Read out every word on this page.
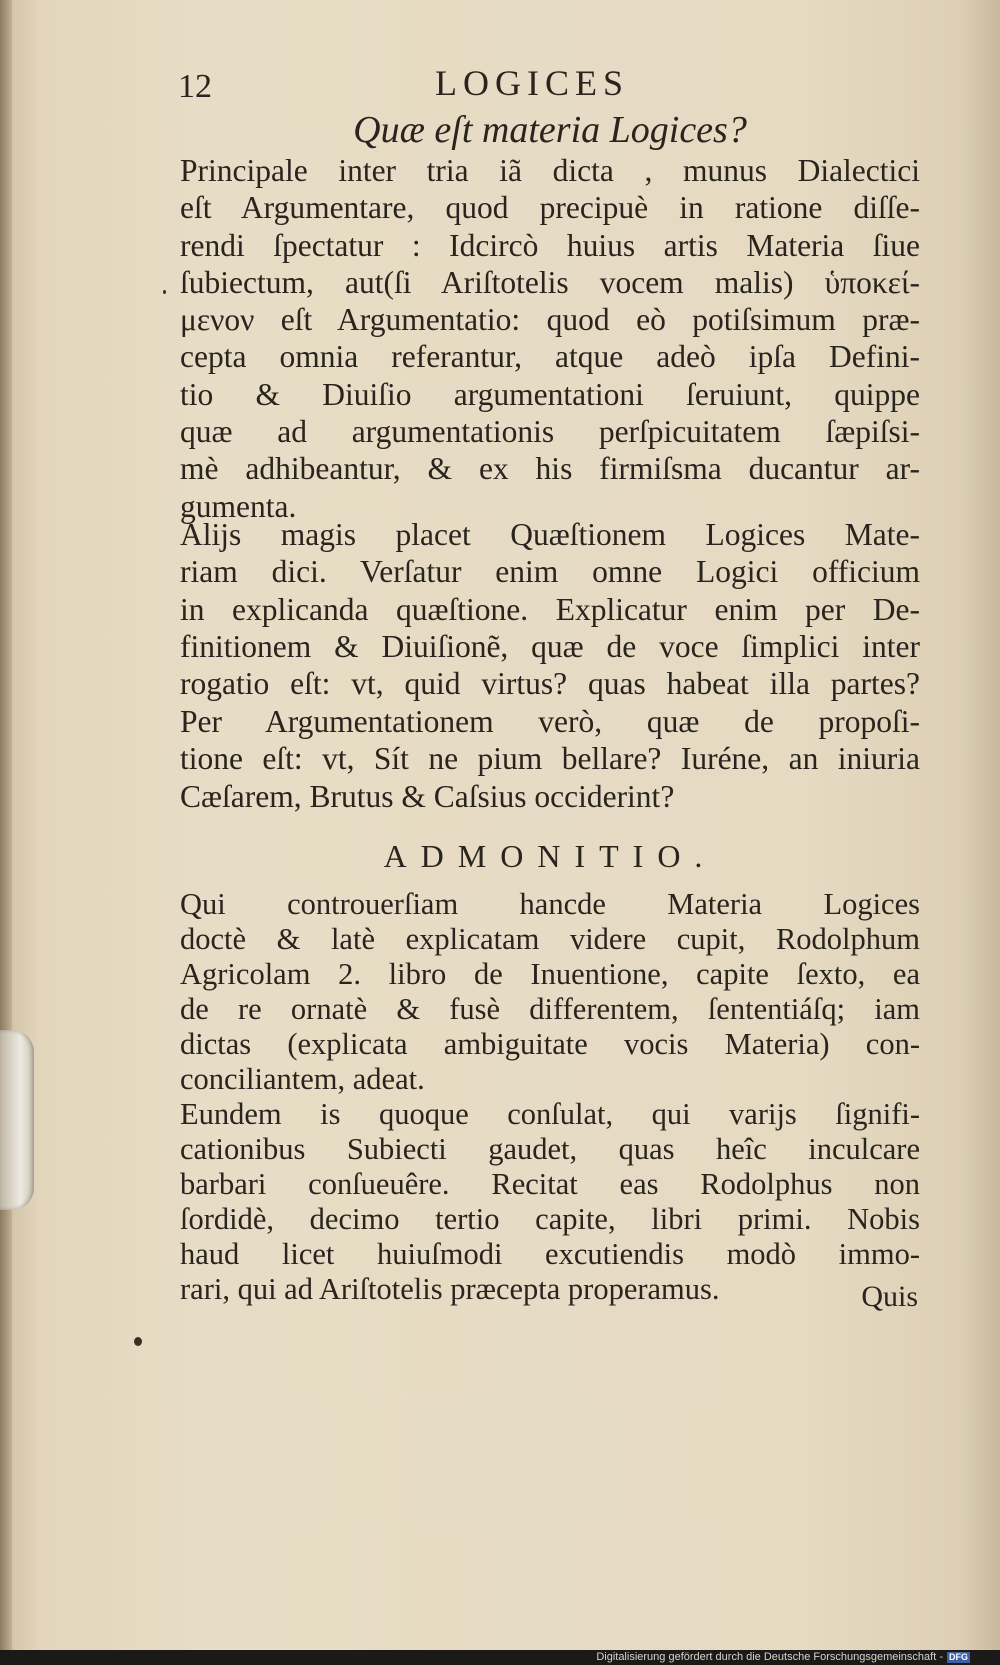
12	LOGICES
Quæ eſt materia Logices?

Principale inter tria iã dicta , munus Dialectici
eſt Argumentare, quod precipuè in ratione diſſe-
rendi ſpectatur : Idcircò huius artis Materia ſiue
ſubiectum, aut(ſi Ariſtotelis vocem malis) ὑποκεί-
μενον eſt Argumentatio: quod eò potiſsimum præ-
cepta omnia referantur, atque adeò ipſa Defini-
tio & Diuiſio argumentationi ſeruiunt, quippe
quæ ad argumentationis perſpicuitatem ſæpiſsi-
mè adhibeantur, & ex his firmiſsma ducantur ar-
gumenta.

Alijs magis placet Quæſtionem Logices Mate-
riam dici. Verſatur enim omne Logici officium
in explicanda quæſtione. Explicatur enim per De-
finitionem & Diuiſionẽ, quæ de voce ſimplici inter
rogatio eſt: vt, quid virtus? quas habeat illa partes?

Per Argumentationem verò, quæ de propoſi-
tione eſt: vt, Sít ne pium bellare? Iuréne, an iniuria
Cæſarem, Brutus & Caſsius occiderint?

ADMONITIO.

Qui controuerſiam hancde Materia Logices
doctè & latè explicatam videre cupit, Rodolphum
Agricolam 2. libro de Inuentione, capite ſexto, ea
de re ornatè & fusè differentem, ſententiáſq; iam
dictas (explicata ambiguitate vocis Materia) con-
conciliantem, adeat.

Eundem is quoque conſulat, qui varijs ſignifi-
cationibus Subiecti gaudet, quas heîc inculcare
barbari conſueuêre. Recitat eas Rodolphus non
ſordidè, decimo tertio capite, libri primi. Nobis
haud licet huiuſmodi excutiendis modò immo-
rari, qui ad Ariſtotelis præcepta properamus.	Quis
Digitalisierung gefördert durch die Deutsche Forschungsgemeinschaft - DFG
